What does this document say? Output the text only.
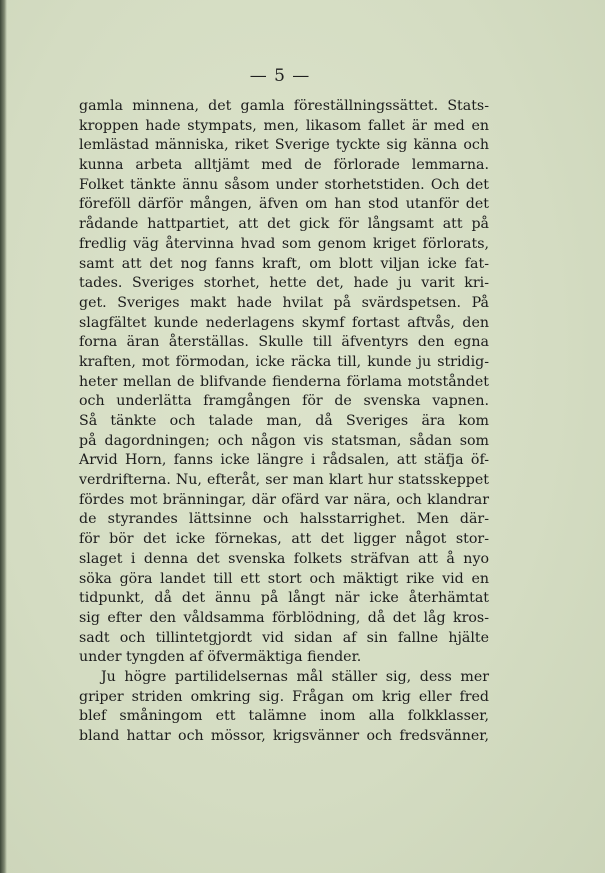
— 5 —
gamla minnena, det gamla föreställningssättet. Stats-
kroppen hade stympats, men, likasom fallet är med en
lemlästad människa, riket Sverige tyckte sig känna och
kunna arbeta alltjämt med de förlorade lemmarna.
Folket tänkte ännu såsom under storhetstiden. Och det
föreföll därför mången, äfven om han stod utanför det
rådande hattpartiet, att det gick för långsamt att på
fredlig väg återvinna hvad som genom kriget förlorats,
samt att det nog fanns kraft, om blott viljan icke fat-
tades. Sveriges storhet, hette det, hade ju varit kri-
get. Sveriges makt hade hvilat på svärdspetsen. På
slagfältet kunde nederlagens skymf fortast aftvås, den
forna äran återställas. Skulle till äfventyrs den egna
kraften, mot förmodan, icke räcka till, kunde ju stridig-
heter mellan de blifvande fienderna förlama motståndet
och underlätta framgången för de svenska vapnen.
Så tänkte och talade man, då Sveriges ära kom
på dagordningen; och någon vis statsman, sådan som
Arvid Horn, fanns icke längre i rådsalen, att stäfja öf-
verdrifterna. Nu, efteråt, ser man klart hur statsskeppet
fördes mot bränningar, där ofärd var nära, och klandrar
de styrandes lättsinne och halsstarrighet. Men där-
för bör det icke förnekas, att det ligger något stor-
slaget i denna det svenska folkets sträfvan att å nyo
söka göra landet till ett stort och mäktigt rike vid en
tidpunkt, då det ännu på långt när icke återhämtat
sig efter den våldsamma förblödning, då det låg kros-
sadt och tillintetgjordt vid sidan af sin fallne hjälte
under tyngden af öfvermäktiga fiender.
Ju högre partilidelsernas mål ställer sig, dess mer
griper striden omkring sig. Frågan om krig eller fred
blef småningom ett talämne inom alla folkklasser,
bland hattar och mössor, krigsvänner och fredsvänner,
